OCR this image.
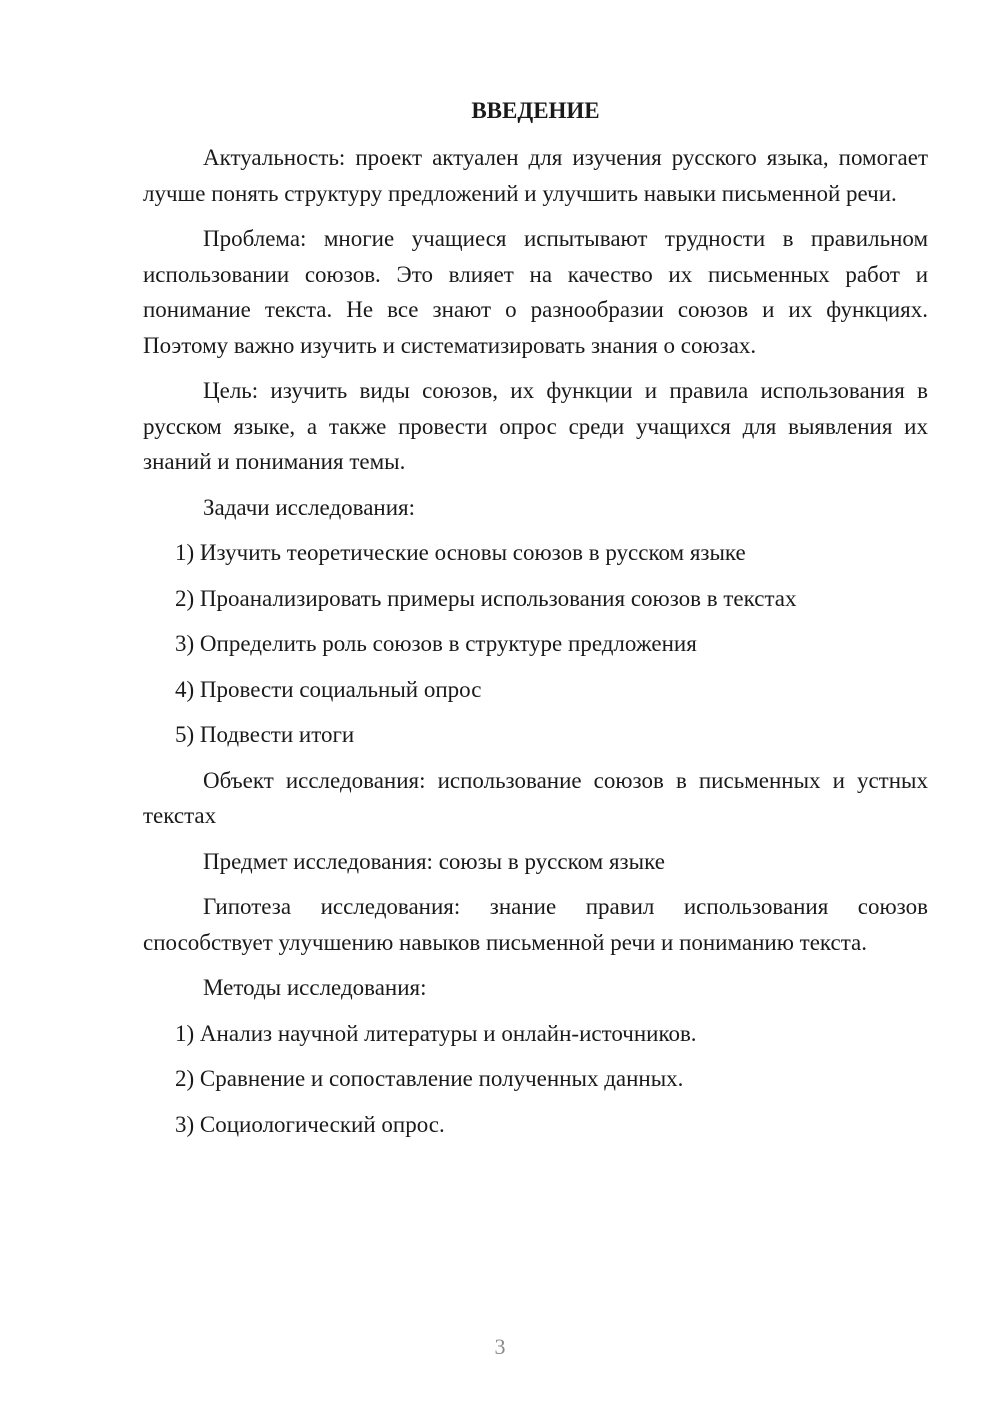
ВВЕДЕНИЕ

Актуальность: проект актуален для изучения русского языка, помогает лучше понять структуру предложений и улучшить навыки письменной речи.

Проблема: многие учащиеся испытывают трудности в правильном использовании союзов. Это влияет на качество их письменных работ и понимание текста. Не все знают о разнообразии союзов и их функциях. Поэтому важно изучить и систематизировать знания о союзах.

Цель: изучить виды союзов, их функции и правила использования в русском языке, а также провести опрос среди учащихся для выявления их знаний и понимания темы.

Задачи исследования:

1) Изучить теоретические основы союзов в русском языке
2) Проанализировать примеры использования союзов в текстах
3) Определить роль союзов в структуре предложения
4) Провести социальный опрос
5) Подвести итоги

Объект исследования: использование союзов в письменных и устных текстах

Предмет исследования: союзы в русском языке

Гипотеза исследования: знание правил использования союзов способствует улучшению навыков письменной речи и пониманию текста.

Методы исследования:

1) Анализ научной литературы и онлайн-источников.
2) Сравнение и сопоставление полученных данных.
3) Социологический опрос.
3
